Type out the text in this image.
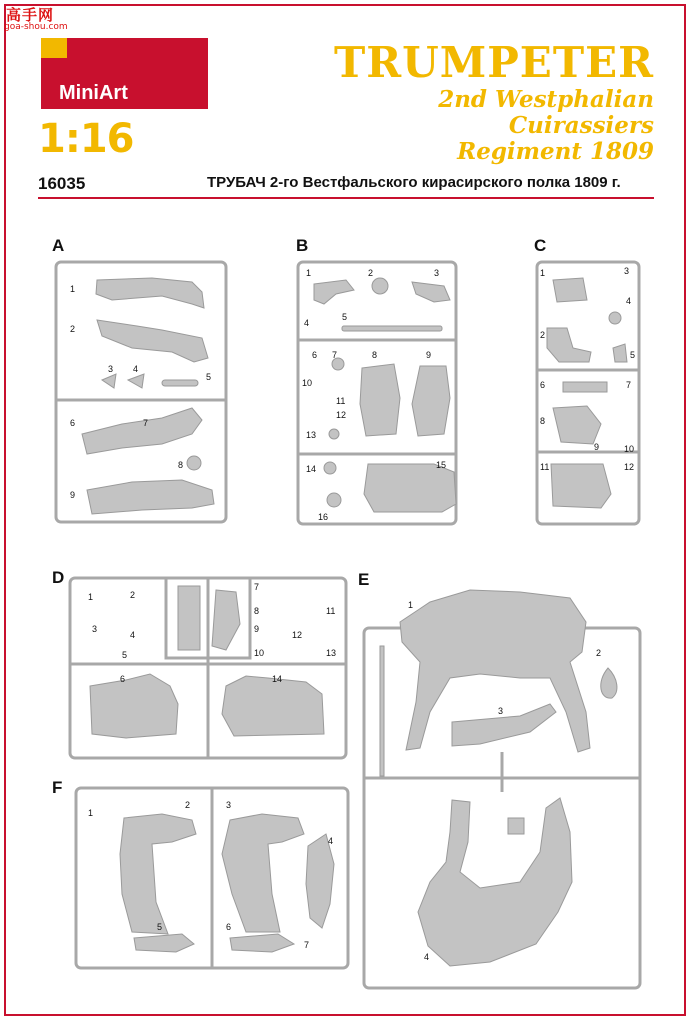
高手网
goa-shou.com
MiniArt
1:16
TRUMPETER
2nd Westphalian
Cuirassiers
Regiment 1809
16035	ТРУБАЧ 2-го Вестфальского кирасирского полка 1809 г.
A
1
2
3 4
5
6	7
8
9
B
1	2	3
4
5
6 7	8	9
10
11
12
13
14	15
16
C
1	3
4
2
5
6	7
8
9	10
11	12
D
1	2
3
4
5
6
7
8
9
10
11
12
13
14
F
1
2	3
4
5	6
7
E
1
2
3
4
